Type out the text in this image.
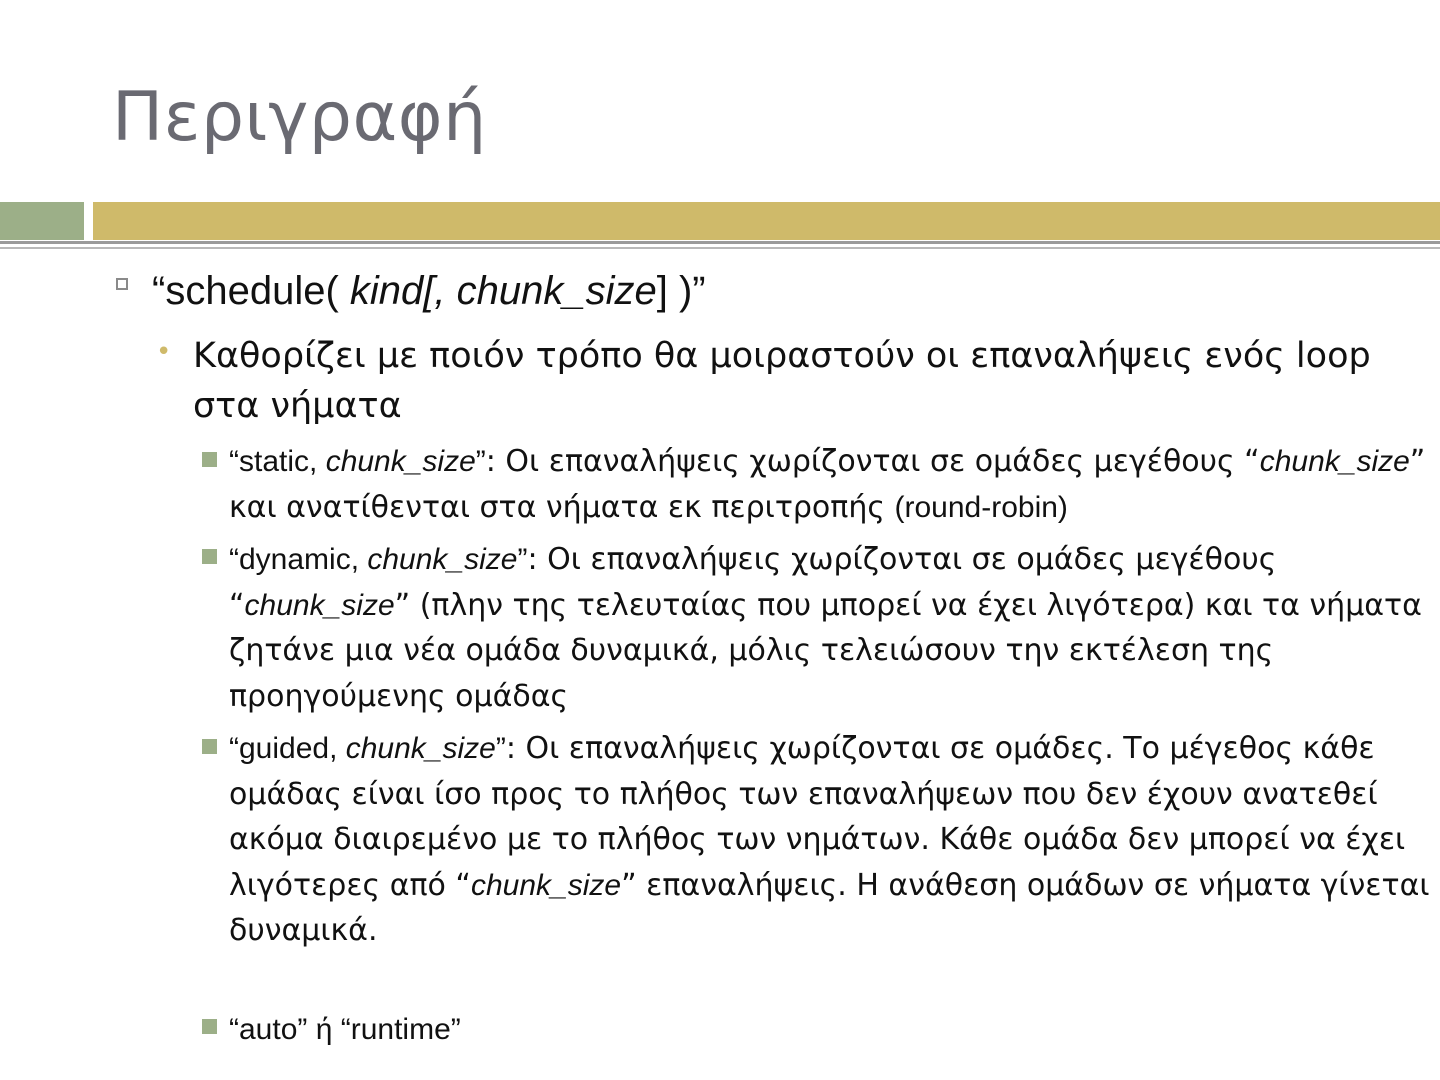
Περιγραφή
“schedule( kind[, chunk_size] )”
• Καθορίζει με ποιόν τρόπο θα μοιραστούν οι επαναλήψεις ενός loop στα νήματα
“static, chunk_size”: Οι επαναλήψεις χωρίζονται σε ομάδες μεγέθους “chunk_size” και ανατίθενται στα νήματα εκ περιτροπής (round-robin)
“dynamic, chunk_size”: Οι επαναλήψεις χωρίζονται σε ομάδες μεγέθους “chunk_size” (πλην της τελευταίας που μπορεί να έχει λιγότερα) και τα νήματα ζητάνε μια νέα ομάδα δυναμικά, μόλις τελειώσουν την εκτέλεση της προηγούμενης ομάδας
“guided, chunk_size”: Οι επαναλήψεις χωρίζονται σε ομάδες. Το μέγεθος κάθε ομάδας είναι ίσο προς το πλήθος των επαναλήψεων που δεν έχουν ανατεθεί ακόμα διαιρεμένο με το πλήθος των νημάτων. Κάθε ομάδα δεν μπορεί να έχει λιγότερες από “chunk_size” επαναλήψεις. Η ανάθεση ομάδων σε νήματα γίνεται δυναμικά.
“auto” ή “runtime”
